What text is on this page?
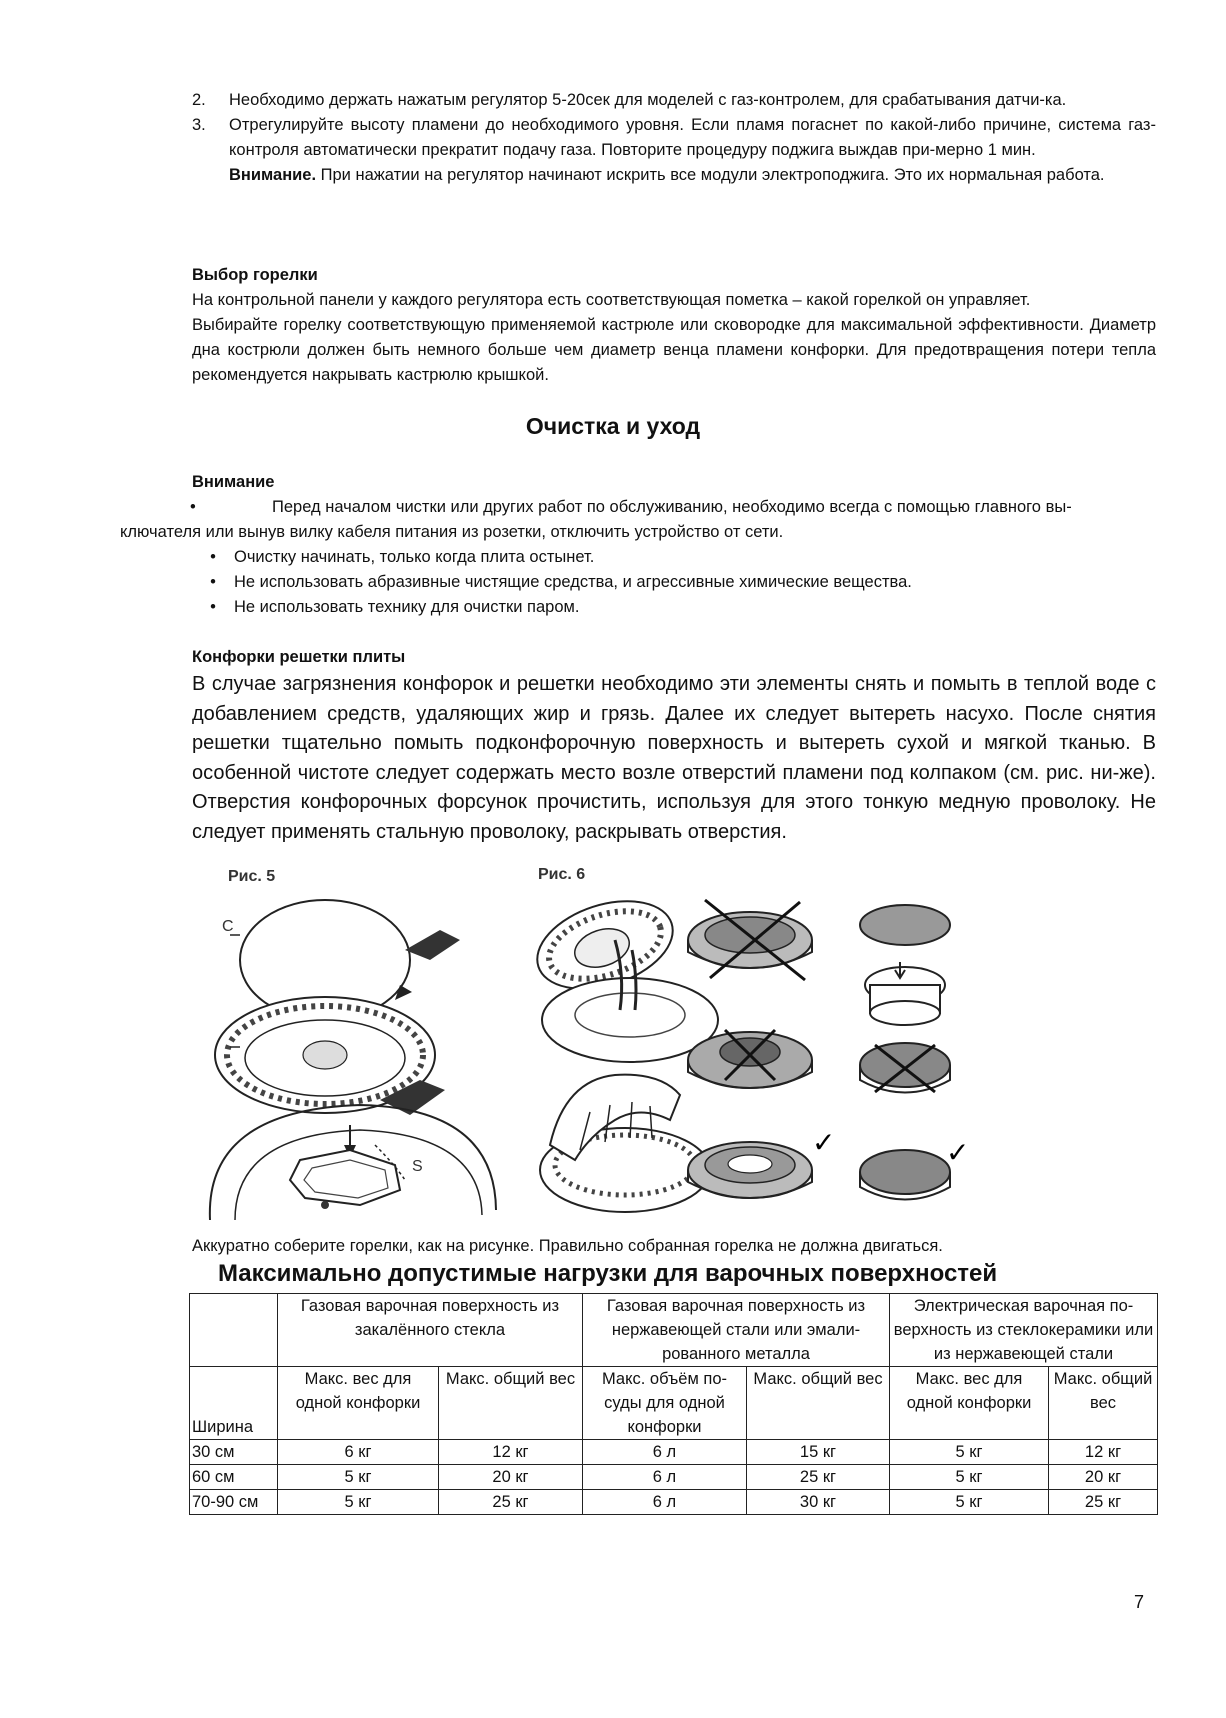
2.	Необходимо держать нажатым регулятор 5-20сек для моделей с газ-контролем, для срабатывания датчи-ка.
3.	Отрегулируйте высоту пламени до необходимого уровня. Если пламя погаснет по какой-либо причине, система газ-контроля автоматически прекратит подачу газа. Повторите процедуру поджига выждав при-мерно 1 мин.
Внимание. При нажатии на регулятор начинают искрить все модули электроподжига. Это их нормальная работа.
Выбор горелки
На контрольной панели у каждого регулятора есть соответствующая пометка – какой горелкой он управляет.
Выбирайте горелку соответствующую применяемой кастрюле или сковородке для максимальной эффективности. Диаметр дна кострюли должен быть немного больше чем диаметр венца пламени конфорки. Для предотвращения потери тепла рекомендуется накрывать кастрюлю крышкой.
Очистка и уход
Внимание
•	Перед началом чистки или других работ по обслуживанию, необходимо всегда с помощью главного вы-
ключателя или вынув вилку кабеля питания из розетки, отключить устройство от сети.
•	Очистку начинать, только когда плита остынет.
•	Не использовать абразивные чистящие средства, и агрессивные химические вещества.
•	Не использовать технику для очистки паром.
Конфорки решетки плиты
В случае загрязнения конфорок и решетки необходимо эти элементы снять и помыть в теплой воде с добавлением средств, удаляющих жир и грязь. Далее их следует вытереть насухо. После снятия решетки тщательно помыть подконфорочную поверхность и вытереть сухой и мягкой тканью. В особенной чистоте следует содержать место возле отверстий пламени под колпаком (см. рис. ни-же). Отверстия конфорочных форсунок прочистить, используя для этого тонкую медную проволоку. Не следует применять стальную проволоку, раскрывать отверстия.
Рис. 5
C
S
Рис. 6
✓	✓
Аккуратно соберите горелки, как на рисунке. Правильно собранная горелка не должна двигаться.
Максимально допустимые нагрузки для варочных поверхностей
	Газовая варочная поверхность из закалённого стекла		Газовая варочная поверхность из нержавеющей стали или эмали-рованного металла		Электрическая варочная по-верхность из стеклокерамики или из нержавеющей стали	
Ширина	Макс. вес для одной конфорки	Макс. общий вес	Макс. объём по-суды для одной конфорки	Макс. общий вес	Макс. вес для одной конфорки	Макс. общий вес
30 см	6 кг	12 кг	6 л	15 кг	5 кг	12 кг
60 см	5 кг	20 кг	6 л	25 кг	5 кг	20 кг
70-90 см	5 кг	25 кг	6 л	30 кг	5 кг	25 кг
7
